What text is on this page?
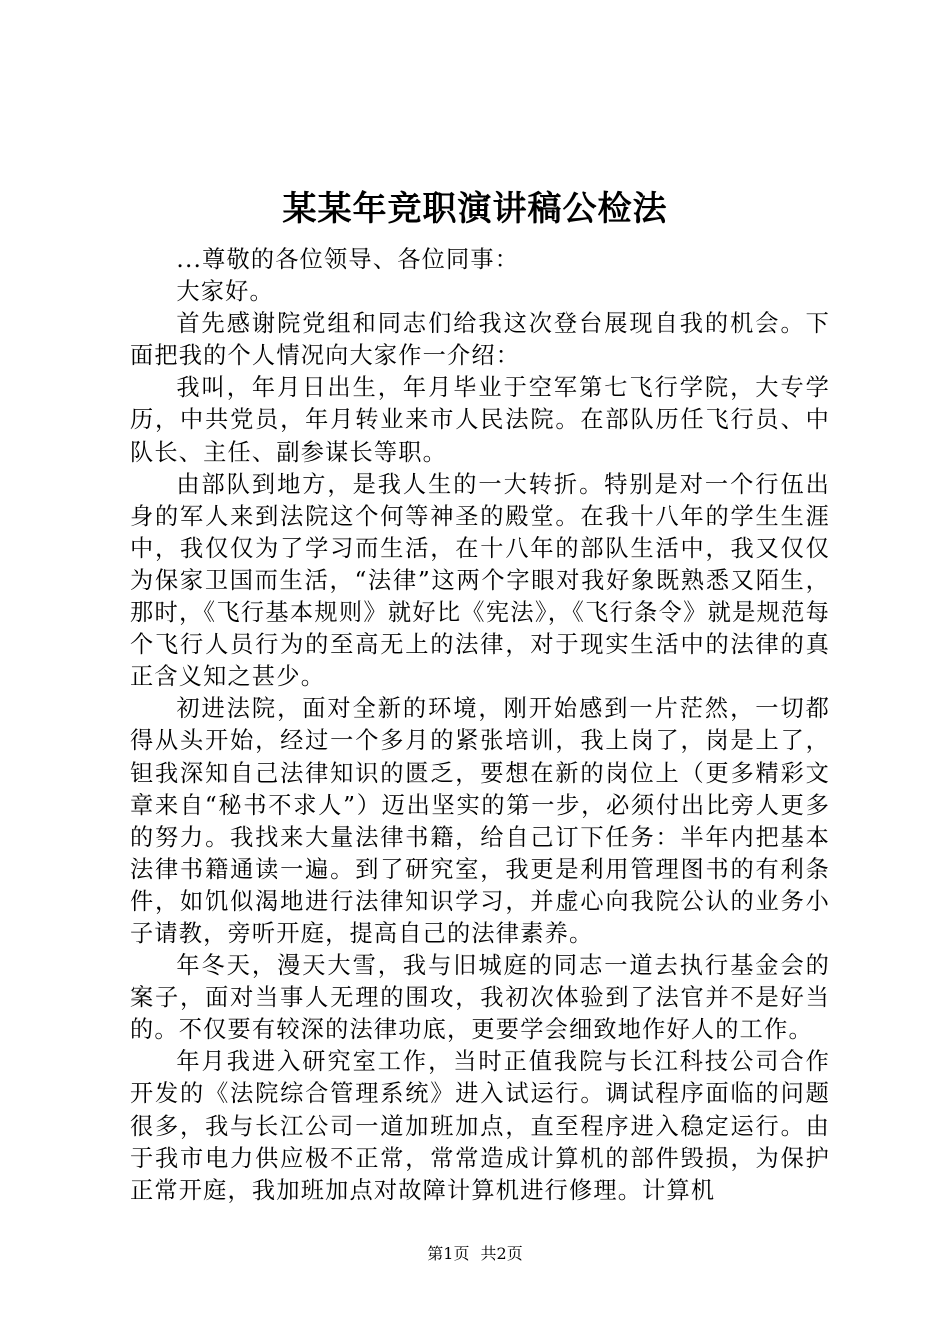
某某年竞职演讲稿公检法

...尊敬的各位领导、各位同事：

大家好。

首先感谢院党组和同志们给我这次登台展现自我的机会。下面把我的个人情况向大家作一介绍：

我叫，年月日出生，年月毕业于空军第七飞行学院，大专学历，中共党员，年月转业来市人民法院。在部队历任飞行员、中队长、主任、副参谋长等职。

由部队到地方，是我人生的一大转折。特别是对一个行伍出身的军人来到法院这个何等神圣的殿堂。在我十八年的学生生涯中，我仅仅为了学习而生活，在十八年的部队生活中，我又仅仅为保家卫国而生活，“法律”这两个字眼对我好象既熟悉又陌生，那时，《飞行基本规则》就好比《宪法》，《飞行条令》就是规范每个飞行人员行为的至高无上的法律，对于现实生活中的法律的真正含义知之甚少。

初进法院，面对全新的环境，刚开始感到一片茫然，一切都得从头开始，经过一个多月的紧张培训，我上岗了，岗是上了，钽我深知自己法律知识的匮乏，要想在新的岗位上（更多精彩文章来自“秘书不求人”）迈出坚实的第一步，必须付出比旁人更多的努力。我找来大量法律书籍，给自己订下任务：半年内把基本法律书籍通读一遍。到了研究室，我更是利用管理图书的有利条件，如饥似渴地进行法律知识学习，并虚心向我院公认的业务小子请教，旁听开庭，提高自己的法律素养。

年冬天，漫天大雪，我与旧城庭的同志一道去执行基金会的案子，面对当事人无理的围攻，我初次体验到了法官并不是好当的。不仅要有较深的法律功底，更要学会细致地作好人的工作。

年月我进入研究室工作，当时正值我院与长江科技公司合作开发的《法院综合管理系统》进入试运行。调试程序面临的问题很多，我与长江公司一道加班加点，直至程序进入稳定运行。由于我市电力供应极不正常，常常造成计算机的部件毁损，为保护正常开庭，我加班加点对故障计算机进行修理。计算机

第1页 共2页
